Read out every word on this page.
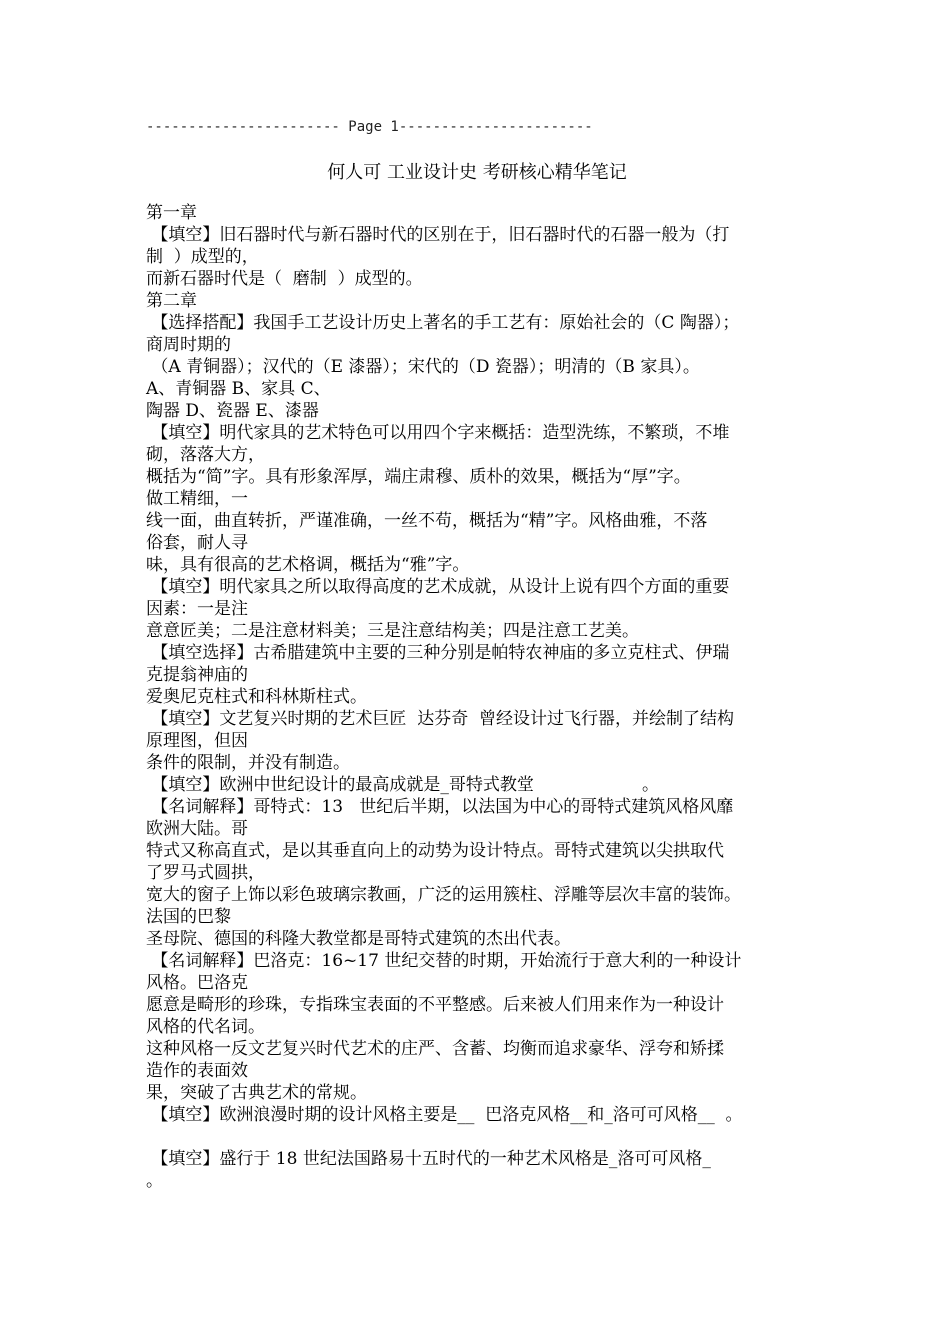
----------------------- Page 1-----------------------
何人可 工业设计史 考研核心精华笔记
第一章
【填空】旧石器时代与新石器时代的区别在于，旧石器时代的石器一般为（打
制  ）成型的，
而新石器时代是（  磨制  ）成型的。
第二章
【选择搭配】我国手工艺设计历史上著名的手工艺有：原始社会的（C 陶器）；
商周时期的
（A 青铜器）；汉代的（E 漆器）；宋代的（D 瓷器）；明清的（B 家具）。
A、青铜器 B、家具 C、
陶器 D、瓷器 E、漆器
【填空】明代家具的艺术特色可以用四个字来概括：造型洗练，不繁琐，不堆
砌，落落大方，
概括为“简”字。具有形象浑厚，端庄肃穆、质朴的效果，概括为“厚”字。
做工精细，一
线一面，曲直转折，严谨准确，一丝不苟，概括为“精”字。风格曲雅，不落
俗套，耐人寻
味，具有很高的艺术格调，概括为“雅”字。
【填空】明代家具之所以取得高度的艺术成就，从设计上说有四个方面的重要
因素：一是注
意意匠美；二是注意材料美；三是注意结构美；四是注意工艺美。
【填空选择】古希腊建筑中主要的三种分别是帕特农神庙的多立克柱式、伊瑞
克提翁神庙的
爱奥尼克柱式和科林斯柱式。
【填空】文艺复兴时期的艺术巨匠  达芬奇  曾经设计过飞行器，并绘制了结构
原理图，但因
条件的限制，并没有制造。
【填空】欧洲中世纪设计的最高成就是_哥特式教堂                    。
【名词解释】哥特式：13   世纪后半期，以法国为中心的哥特式建筑风格风靡
欧洲大陆。哥
特式又称高直式，是以其垂直向上的动势为设计特点。哥特式建筑以尖拱取代
了罗马式圆拱，
宽大的窗子上饰以彩色玻璃宗教画，广泛的运用簇柱、浮雕等层次丰富的装饰。
法国的巴黎
圣母院、德国的科隆大教堂都是哥特式建筑的杰出代表。
【名词解释】巴洛克：16~17 世纪交替的时期，开始流行于意大利的一种设计
风格。巴洛克
愿意是畸形的珍珠，专指珠宝表面的不平整感。后来被人们用来作为一种设计
风格的代名词。
这种风格一反文艺复兴时代艺术的庄严、含蓄、均衡而追求豪华、浮夸和矫揉
造作的表面效
果，突破了古典艺术的常规。
【填空】欧洲浪漫时期的设计风格主要是__  巴洛克风格__和_洛可可风格__  。
【填空】盛行于 18 世纪法国路易十五时代的一种艺术风格是_洛可可风格_
。
